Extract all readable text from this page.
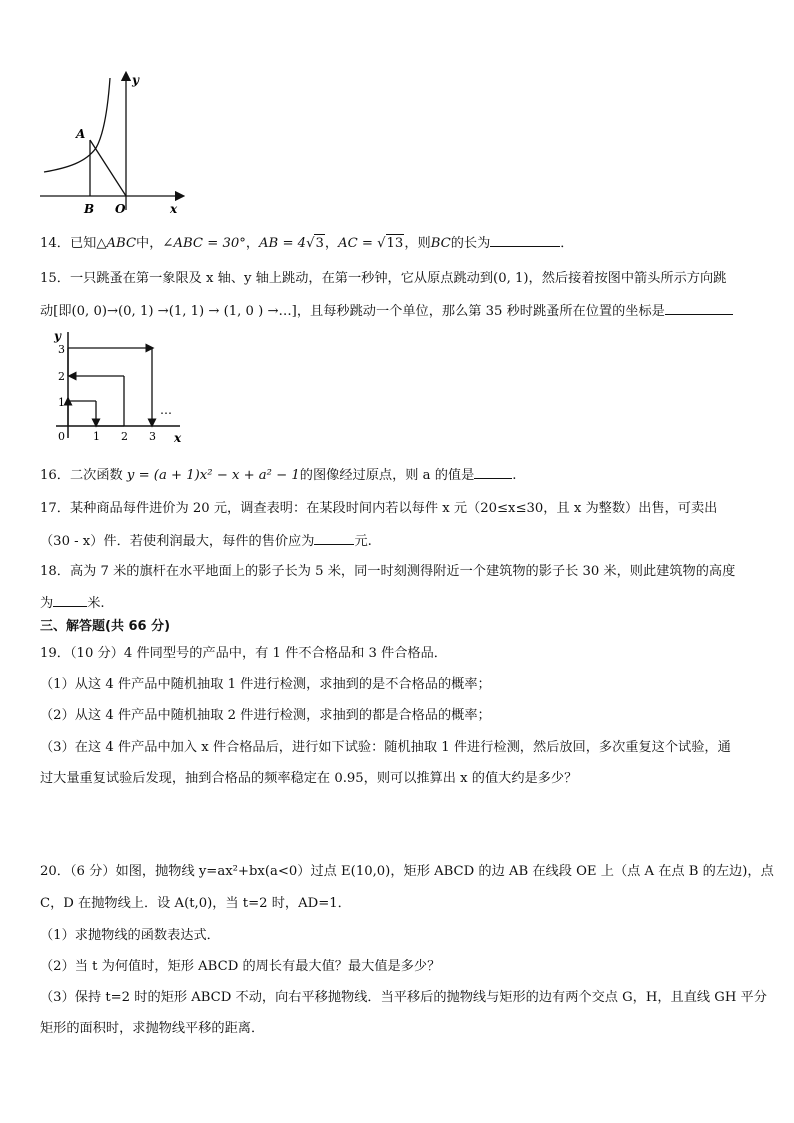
A
B O	x
y
14．已知△ABC中，∠ABC = 30°，AB = 4√3，AC = √13，则BC的长为	．
15．一只跳蚤在第一象限及 x 轴、y 轴上跳动，在第一秒钟，它从原点跳动到(0, 1)，然后接着按图中箭头所示方向跳
动[即(0, 0)→(0, 1) →(1, 1) → (1, 0 ) →…]，且每秒跳动一个单位，那么第 35 秒时跳蚤所在位置的坐标是
y
x
1
2
3
0	1 2 3
…
16．二次函数 y = (a + 1)x² − x + a² − 1的图像经过原点，则 a 的值是	.
17．某种商品每件进价为 20 元，调查表明：在某段时间内若以每件 x 元（20≤x≤30，且 x 为整数）出售，可卖出
（30 - x）件．若使利润最大，每件的售价应为	元.
18．高为 7 米的旗杆在水平地面上的影子长为 5 米，同一时刻测得附近一个建筑物的影子长 30 米，则此建筑物的高度
为	米.
三、解答题(共 66 分)
19．（10 分）4 件同型号的产品中，有 1 件不合格品和 3 件合格品．
（1）从这 4 件产品中随机抽取 1 件进行检测，求抽到的是不合格品的概率；
（2）从这 4 件产品中随机抽取 2 件进行检测，求抽到的都是合格品的概率；
（3）在这 4 件产品中加入 x 件合格品后，进行如下试验：随机抽取 1 件进行检测，然后放回，多次重复这个试验，通
过大量重复试验后发现，抽到合格品的频率稳定在 0.95，则可以推算出 x 的值大约是多少？
20．（6 分）如图，抛物线 y=ax²+bx(a<0）过点 E(10,0)，矩形 ABCD 的边 AB 在线段 OE 上（点 A 在点 B 的左边)，点
C，D 在抛物线上．设 A(t,0)，当 t=2 时，AD=1．
（1）求抛物线的函数表达式．
（2）当 t 为何值时，矩形 ABCD 的周长有最大值？最大值是多少？
（3）保持 t=2 时的矩形 ABCD 不动，向右平移抛物线．当平移后的抛物线与矩形的边有两个交点 G，H，且直线 GH 平分
矩形的面积时，求抛物线平移的距离．
